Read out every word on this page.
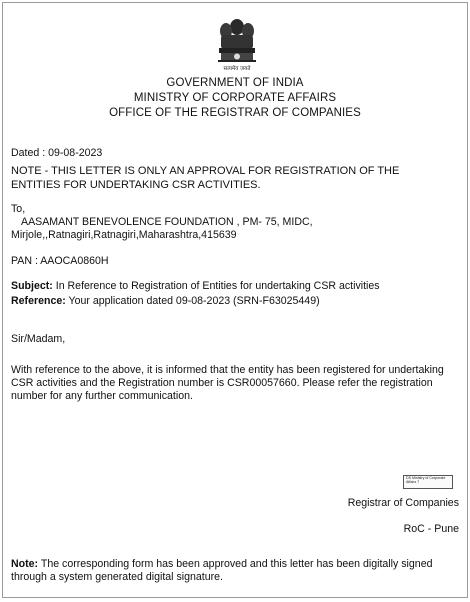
सत्यमेव जयते
GOVERNMENT OF INDIA
MINISTRY OF CORPORATE AFFAIRS
OFFICE OF THE REGISTRAR OF COMPANIES
Dated : 09-08-2023
NOTE - THIS LETTER IS ONLY AN APPROVAL FOR REGISTRATION OF THE
ENTITIES FOR UNDERTAKING CSR ACTIVITIES.
To,
AASAMANT BENEVOLENCE FOUNDATION , PM- 75, MIDC,
Mirjole,,Ratnagiri,Ratnagiri,Maharashtra,415639
PAN : AAOCA0860H
Subject: In Reference to Registration of Entities for undertaking CSR activities
Reference: Your application dated 09-08-2023 (SRN-F63025449)
Sir/Madam,
With reference to the above, it is informed that the entity has been registered for undertaking
CSR activities and the Registration number is CSR00057660. Please refer the registration
number for any further communication.
DS Ministry of Corporate Affairs 7
Registrar of Companies
RoC - Pune
Note: The corresponding form has been approved and this letter has been digitally signed
through a system generated digital signature.
